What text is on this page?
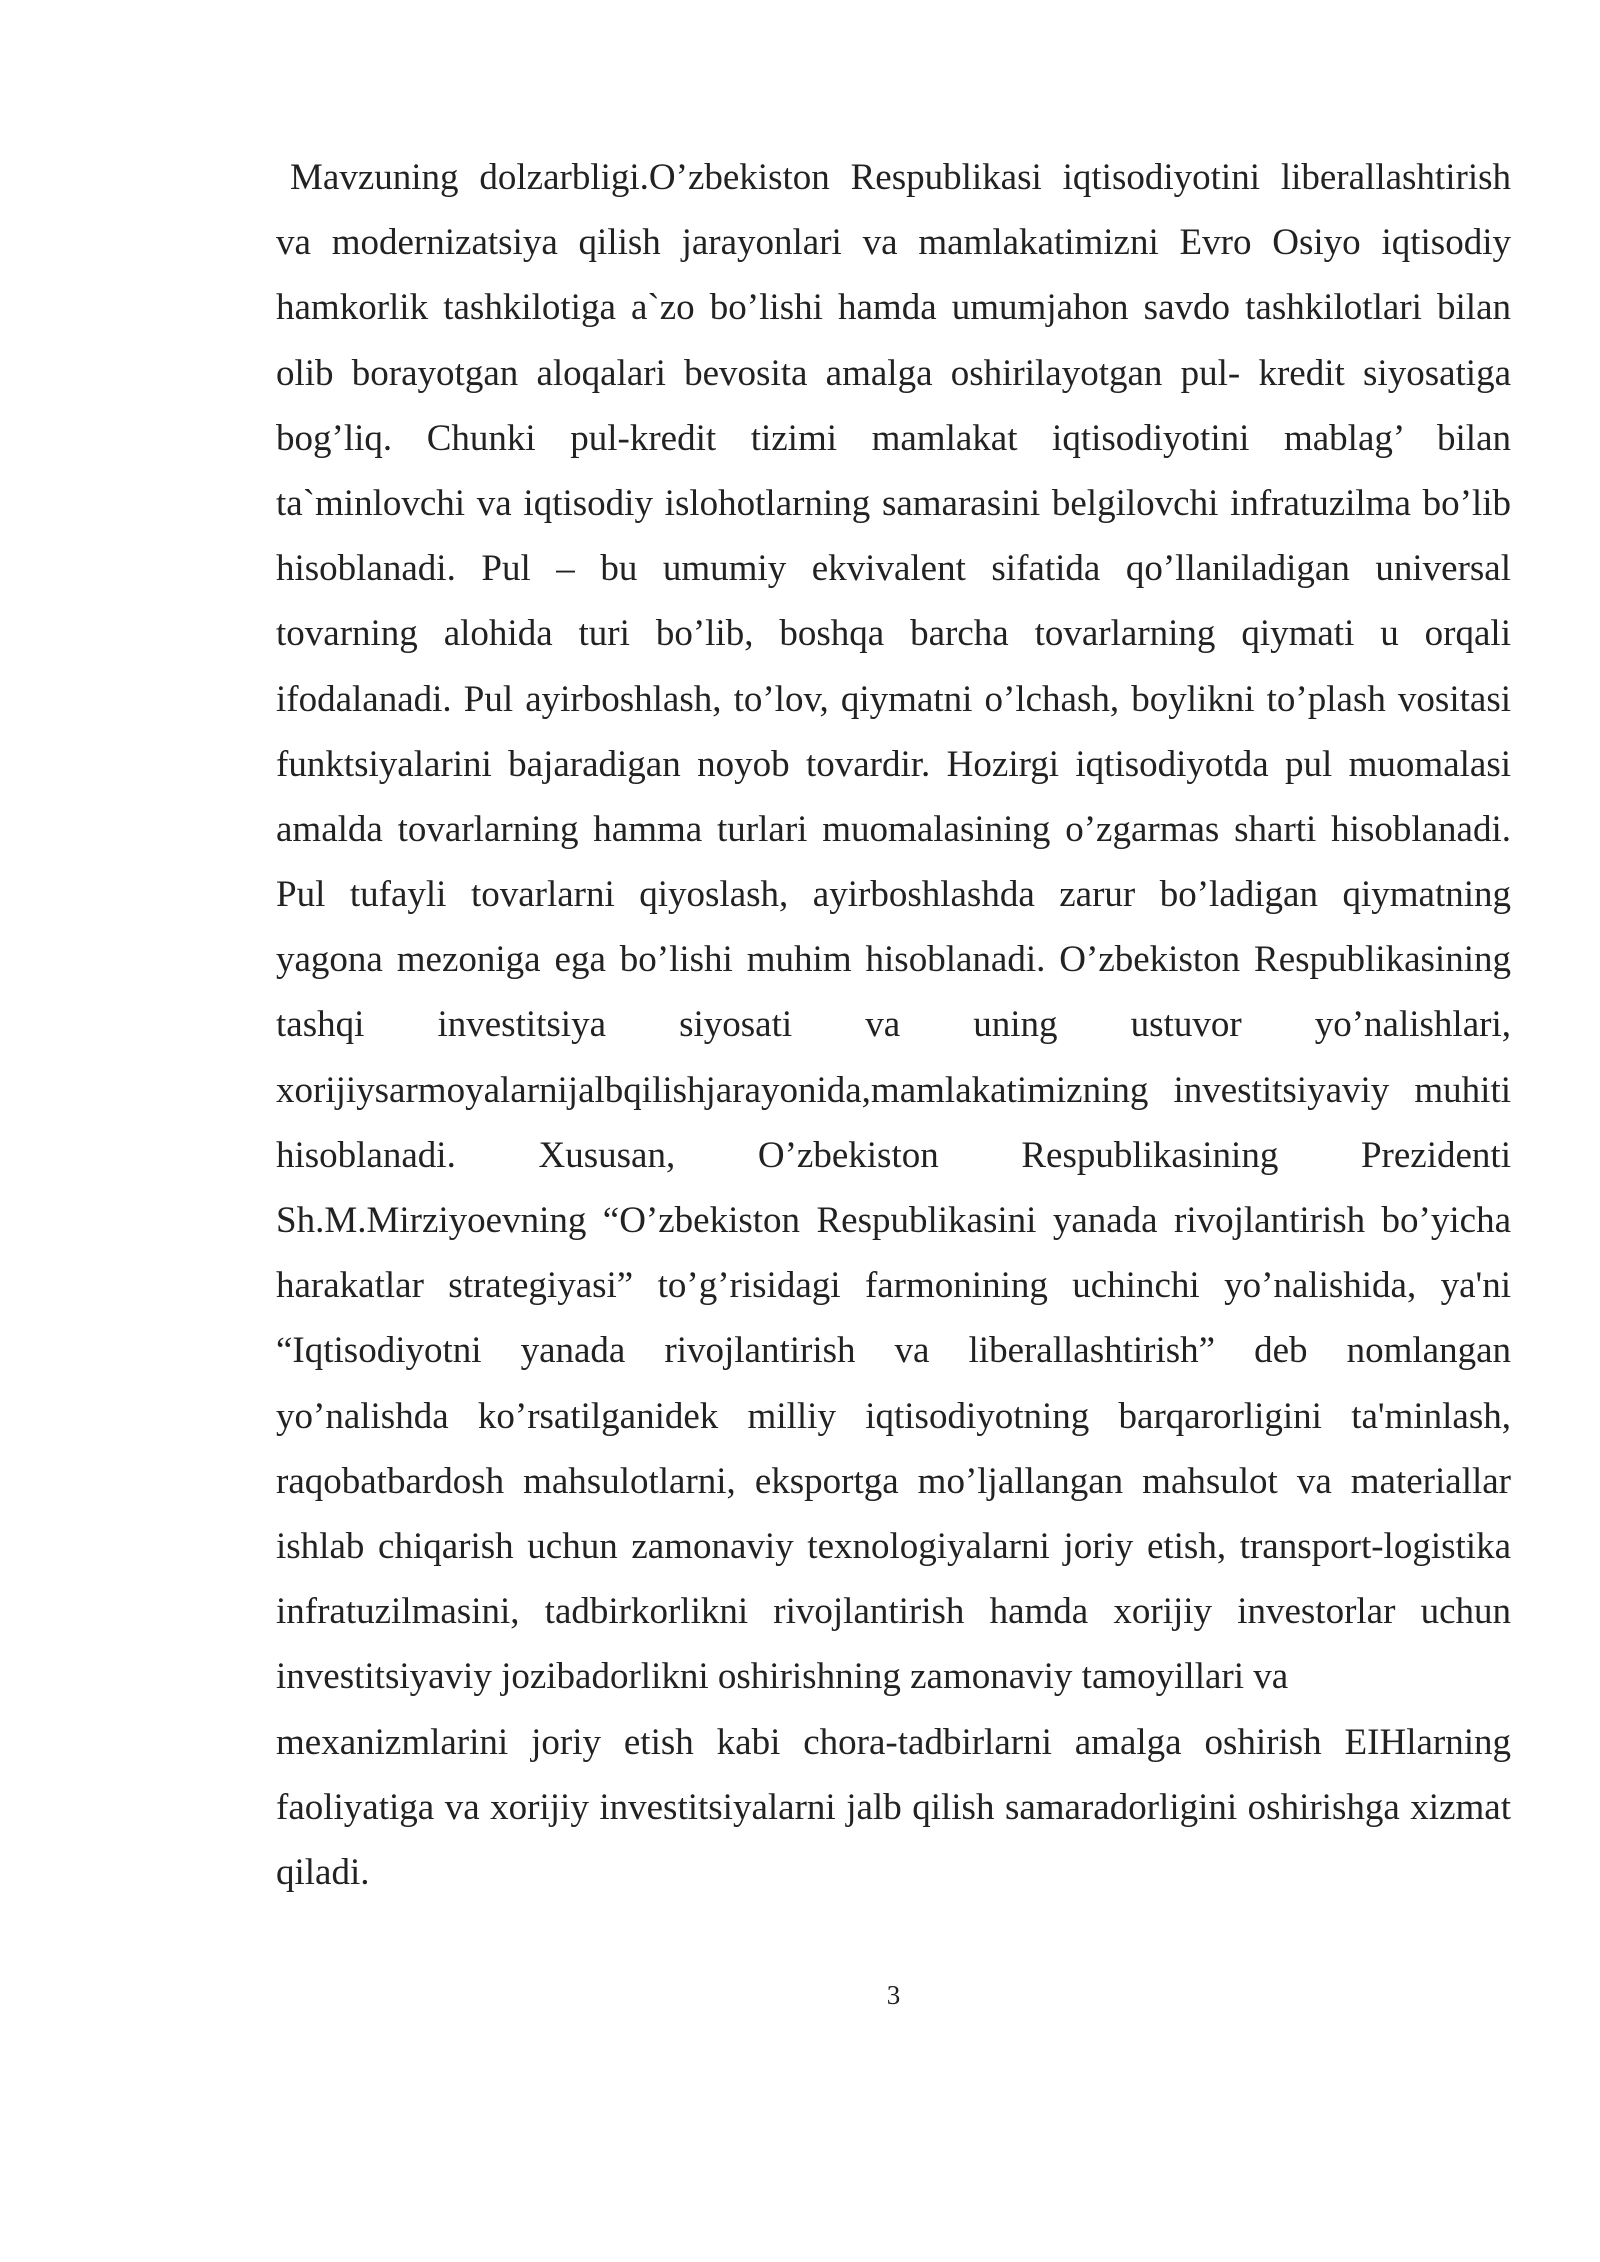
Mavzuning dolzarbligi.O’zbekiston Respublikasi iqtisodiyotini liberallashtirish
va modernizatsiya qilish jarayonlari va mamlakatimizni Evro Osiyo iqtisodiy
hamkorlik tashkilotiga a`zo bo’lishi hamda umumjahon savdo tashkilotlari bilan
olib borayotgan aloqalari bevosita amalga oshirilayotgan pul- kredit siyosatiga
bog’liq. Chunki pul-kredit tizimi mamlakat iqtisodiyotini mablag’ bilan
ta`minlovchi va iqtisodiy islohotlarning samarasini belgilovchi infratuzilma bo’lib
hisoblanadi. Pul – bu umumiy ekvivalent sifatida qo’llaniladigan universal
tovarning alohida turi bo’lib, boshqa barcha tovarlarning qiymati u orqali
ifodalanadi. Pul ayirboshlash, to’lov, qiymatni o’lchash, boylikni to’plash vositasi
funktsiyalarini bajaradigan noyob tovardir. Hozirgi iqtisodiyotda pul muomalasi
amalda tovarlarning hamma turlari muomalasining o’zgarmas sharti hisoblanadi.
Pul tufayli tovarlarni qiyoslash, ayirboshlashda zarur bo’ladigan qiymatning
yagona mezoniga ega bo’lishi muhim hisoblanadi. O’zbekiston Respublikasining
tashqi investitsiya siyosati va uning ustuvor yo’nalishlari,
xorijiysarmoyalarnijalbqilishjarayonida,mamlakatimizning investitsiyaviy muhiti
hisoblanadi. Xususan, O’zbekiston Respublikasining Prezidenti
Sh.M.Mirziyoevning “O’zbekiston Respublikasini yanada rivojlantirish bo’yicha
harakatlar strategiyasi” to’g’risidagi farmonining uchinchi yo’nalishida, ya'ni
“Iqtisodiyotni yanada rivojlantirish va liberallashtirish” deb nomlangan
yo’nalishda ko’rsatilganidek milliy iqtisodiyotning barqarorligini ta'minlash,
raqobatbardosh mahsulotlarni, eksportga mo’ljallangan mahsulot va materiallar
ishlab chiqarish uchun zamonaviy texnologiyalarni joriy etish, transport-logistika
infratuzilmasini, tadbirkorlikni rivojlantirish hamda xorijiy investorlar uchun
investitsiyaviy jozibadorlikni oshirishning zamonaviy tamoyillari va
mexanizmlarini joriy etish kabi chora-tadbirlarni amalga oshirish EIHlarning
faoliyatiga va xorijiy investitsiyalarni jalb qilish samaradorligini oshirishga xizmat
qiladi.
3
